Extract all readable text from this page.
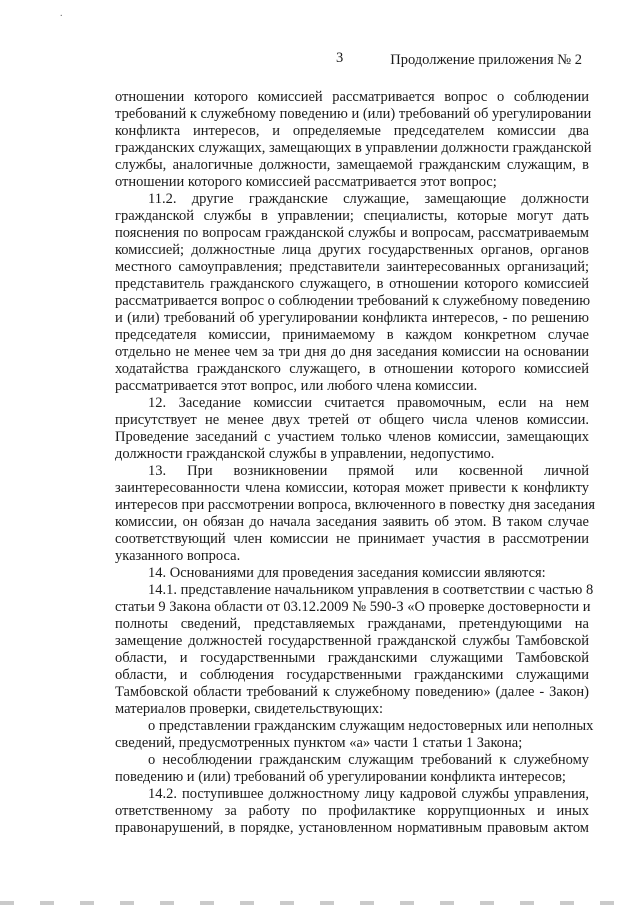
.
3	Продолжение приложения № 2
отношении которого комиссией рассматривается вопрос о соблюдении
требований к служебному поведению и (или) требований об урегулировании
конфликта интересов, и определяемые председателем комиссии два
гражданских служащих, замещающих в управлении должности гражданской
службы, аналогичные должности, замещаемой гражданским служащим, в
отношении которого комиссией рассматривается этот вопрос;
11.2. другие гражданские служащие, замещающие должности
гражданской службы в управлении; специалисты, которые могут дать
пояснения по вопросам гражданской службы и вопросам, рассматриваемым
комиссией; должностные лица других государственных органов, органов
местного самоуправления; представители заинтересованных организаций;
представитель гражданского служащего, в отношении которого комиссией
рассматривается вопрос о соблюдении требований к служебному поведению
и (или) требований об урегулировании конфликта интересов, - по решению
председателя комиссии, принимаемому в каждом конкретном случае
отдельно не менее чем за три дня до дня заседания комиссии на основании
ходатайства гражданского служащего, в отношении которого комиссией
рассматривается этот вопрос, или любого члена комиссии.
12. Заседание комиссии считается правомочным, если на нем
присутствует не менее двух третей от общего числа членов комиссии.
Проведение заседаний с участием только членов комиссии, замещающих
должности гражданской службы в управлении, недопустимо.
13. При возникновении прямой или косвенной личной
заинтересованности члена комиссии, которая может привести к конфликту
интересов при рассмотрении вопроса, включенного в повестку дня заседания
комиссии, он обязан до начала заседания заявить об этом. В таком случае
соответствующий член комиссии не принимает участия в рассмотрении
указанного вопроса.
14. Основаниями для проведения заседания комиссии являются:
14.1. представление начальником управления в соответствии с частью 8
статьи 9 Закона области от 03.12.2009 № 590-З «О проверке достоверности и
полноты сведений, представляемых гражданами, претендующими на
замещение должностей государственной гражданской службы Тамбовской
области, и государственными гражданскими служащими Тамбовской
области, и соблюдения государственными гражданскими служащими
Тамбовской области требований к служебному поведению» (далее - Закон)
материалов проверки, свидетельствующих:
о представлении гражданским служащим недостоверных или неполных
сведений, предусмотренных пунктом «а» части 1 статьи 1 Закона;
о несоблюдении гражданским служащим требований к служебному
поведению и (или) требований об урегулировании конфликта интересов;
14.2. поступившее должностному лицу кадровой службы управления,
ответственному за работу по профилактике коррупционных и иных
правонарушений, в порядке, установленном нормативным правовым актом
